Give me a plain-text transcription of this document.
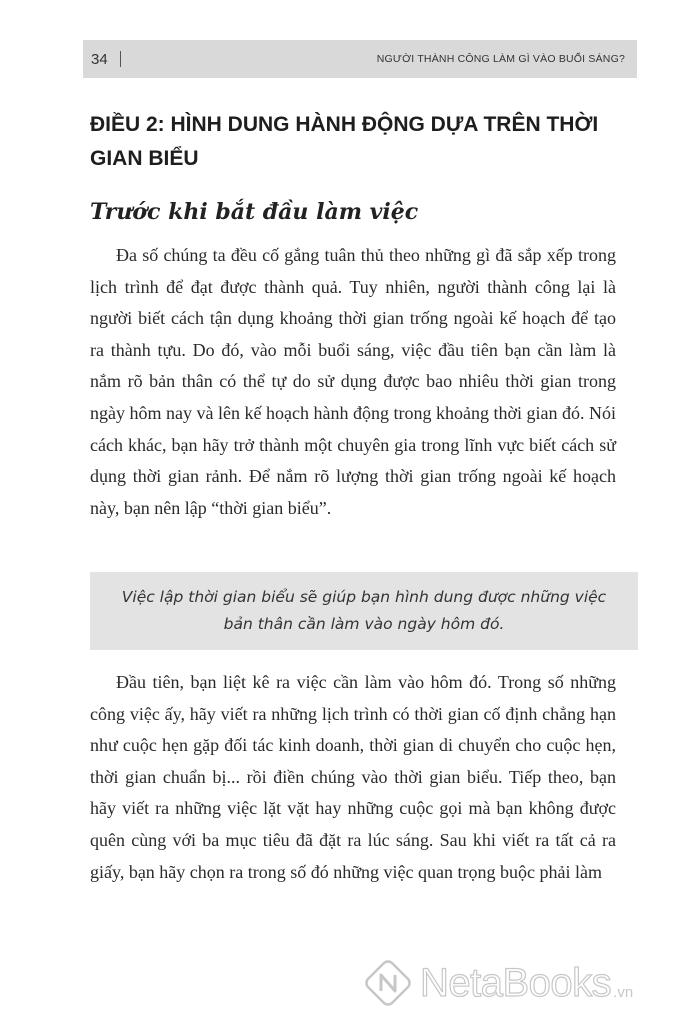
34	NGƯỜI THÀNH CÔNG LÀM GÌ VÀO BUỔI SÁNG?
ĐIỀU 2: HÌNH DUNG HÀNH ĐỘNG DỰA TRÊN THỜI GIAN BIỂU
Trước khi bắt đầu làm việc

Đa số chúng ta đều cố gắng tuân thủ theo những gì đã sắp xếp trong lịch trình để đạt được thành quả. Tuy nhiên, người thành công lại là người biết cách tận dụng khoảng thời gian trống ngoài kế hoạch để tạo ra thành tựu. Do đó, vào mỗi buổi sáng, việc đầu tiên bạn cần làm là nắm rõ bản thân có thể tự do sử dụng được bao nhiêu thời gian trong ngày hôm nay và lên kế hoạch hành động trong khoảng thời gian đó. Nói cách khác, bạn hãy trở thành một chuyên gia trong lĩnh vực biết cách sử dụng thời gian rảnh. Để nắm rõ lượng thời gian trống ngoài kế hoạch này, bạn nên lập “thời gian biểu”.

Việc lập thời gian biểu sẽ giúp bạn hình dung được những việc bản thân cần làm vào ngày hôm đó.

Đầu tiên, bạn liệt kê ra việc cần làm vào hôm đó. Trong số những công việc ấy, hãy viết ra những lịch trình có thời gian cố định chẳng hạn như cuộc hẹn gặp đối tác kinh doanh, thời gian di chuyển cho cuộc hẹn, thời gian chuẩn bị... rồi điền chúng vào thời gian biểu. Tiếp theo, bạn hãy viết ra những việc lặt vặt hay những cuộc gọi mà bạn không được quên cùng với ba mục tiêu đã đặt ra lúc sáng. Sau khi viết ra tất cả ra giấy, bạn hãy chọn ra trong số đó những việc quan trọng buộc phải làm

NetaBooks .vn
